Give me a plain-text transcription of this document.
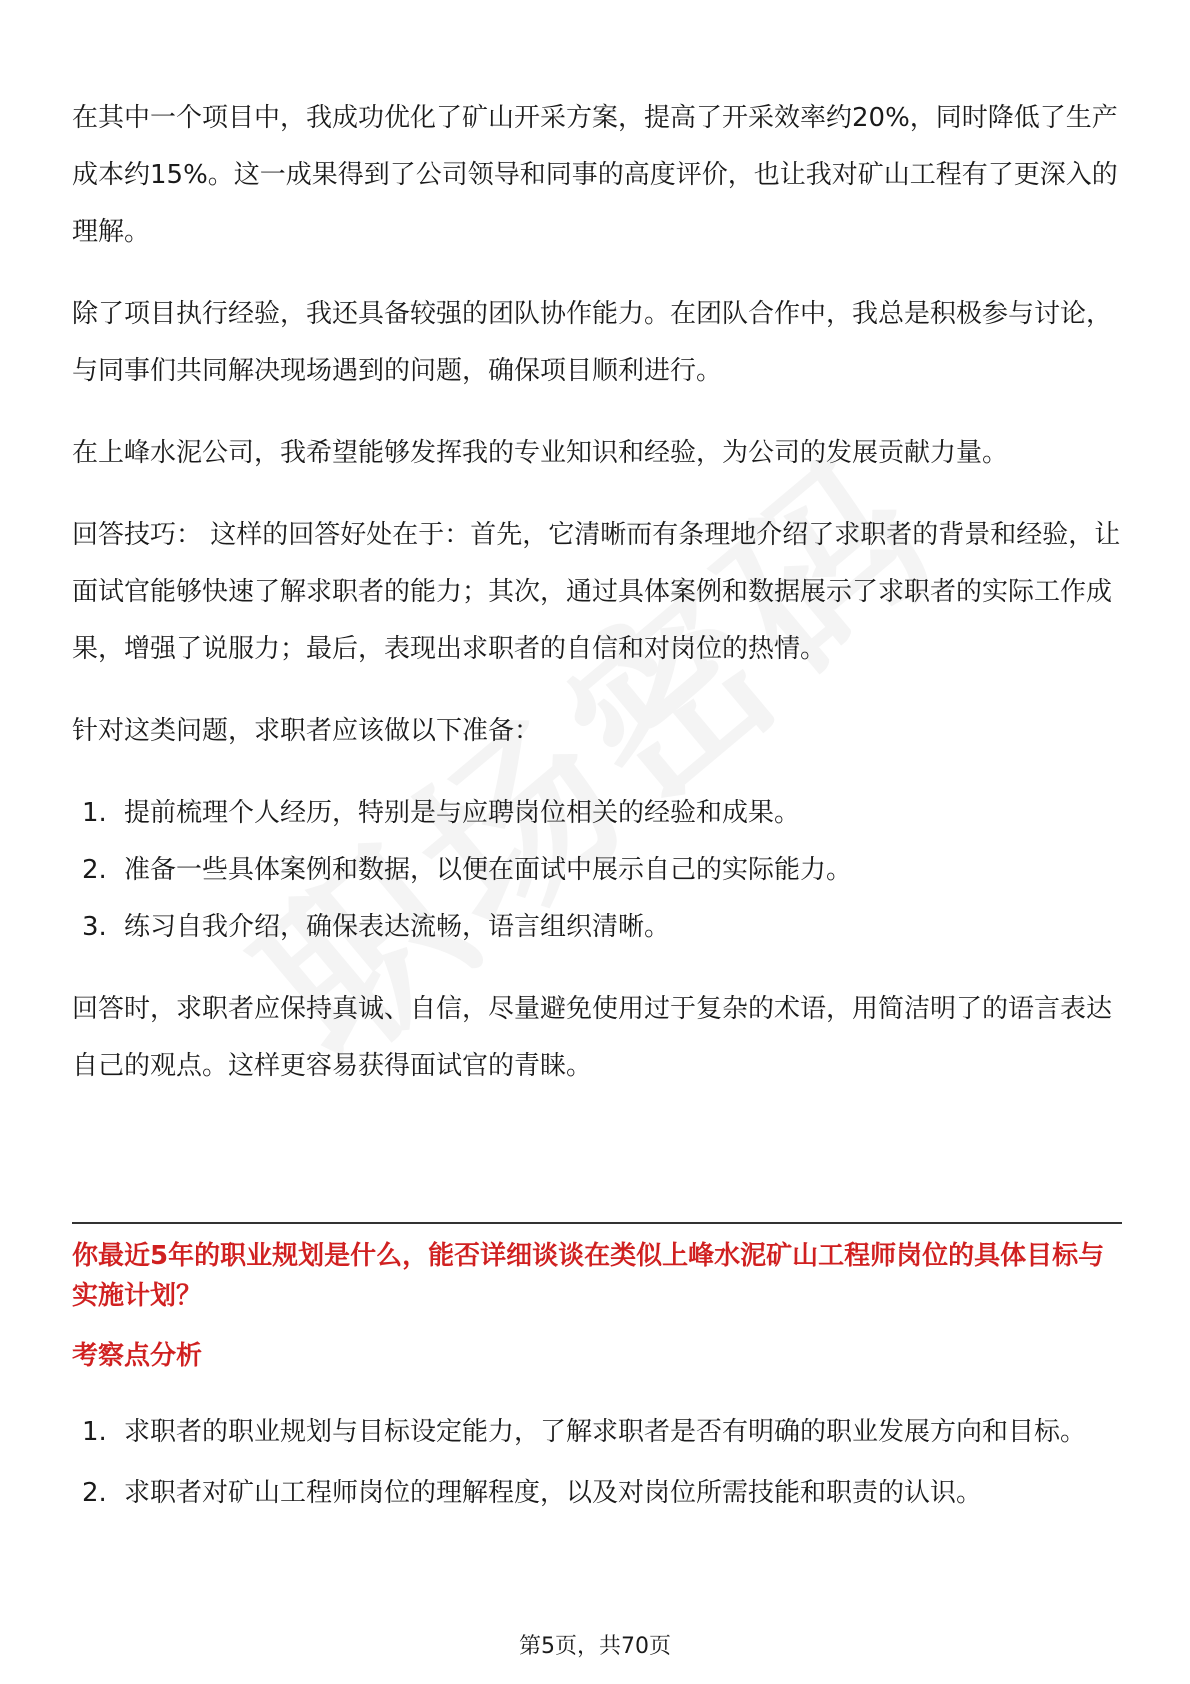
在其中一个项目中，我成功优化了矿山开采方案，提高了开采效率约20%，同时降低了生产成本约15%。这一成果得到了公司领导和同事的高度评价，也让我对矿山工程有了更深入的理解。

除了项目执行经验，我还具备较强的团队协作能力。在团队合作中，我总是积极参与讨论，与同事们共同解决现场遇到的问题，确保项目顺利进行。

在上峰水泥公司，我希望能够发挥我的专业知识和经验，为公司的发展贡献力量。

回答技巧： 这样的回答好处在于：首先，它清晰而有条理地介绍了求职者的背景和经验，让面试官能够快速了解求职者的能力；其次，通过具体案例和数据展示了求职者的实际工作成果，增强了说服力；最后，表现出求职者的自信和对岗位的热情。

针对这类问题，求职者应该做以下准备：

1. 提前梳理个人经历，特别是与应聘岗位相关的经验和成果。
2. 准备一些具体案例和数据，以便在面试中展示自己的实际能力。
3. 练习自我介绍，确保表达流畅，语言组织清晰。

回答时，求职者应保持真诚、自信，尽量避免使用过于复杂的术语，用简洁明了的语言表达自己的观点。这样更容易获得面试官的青睐。

你最近5年的职业规划是什么，能否详细谈谈在类似上峰水泥矿山工程师岗位的具体目标与实施计划？
考察点分析
1. 求职者的职业规划与目标设定能力，了解求职者是否有明确的职业发展方向和目标。
2. 求职者对矿山工程师岗位的理解程度，以及对岗位所需技能和职责的认识。
第5页，共70页
